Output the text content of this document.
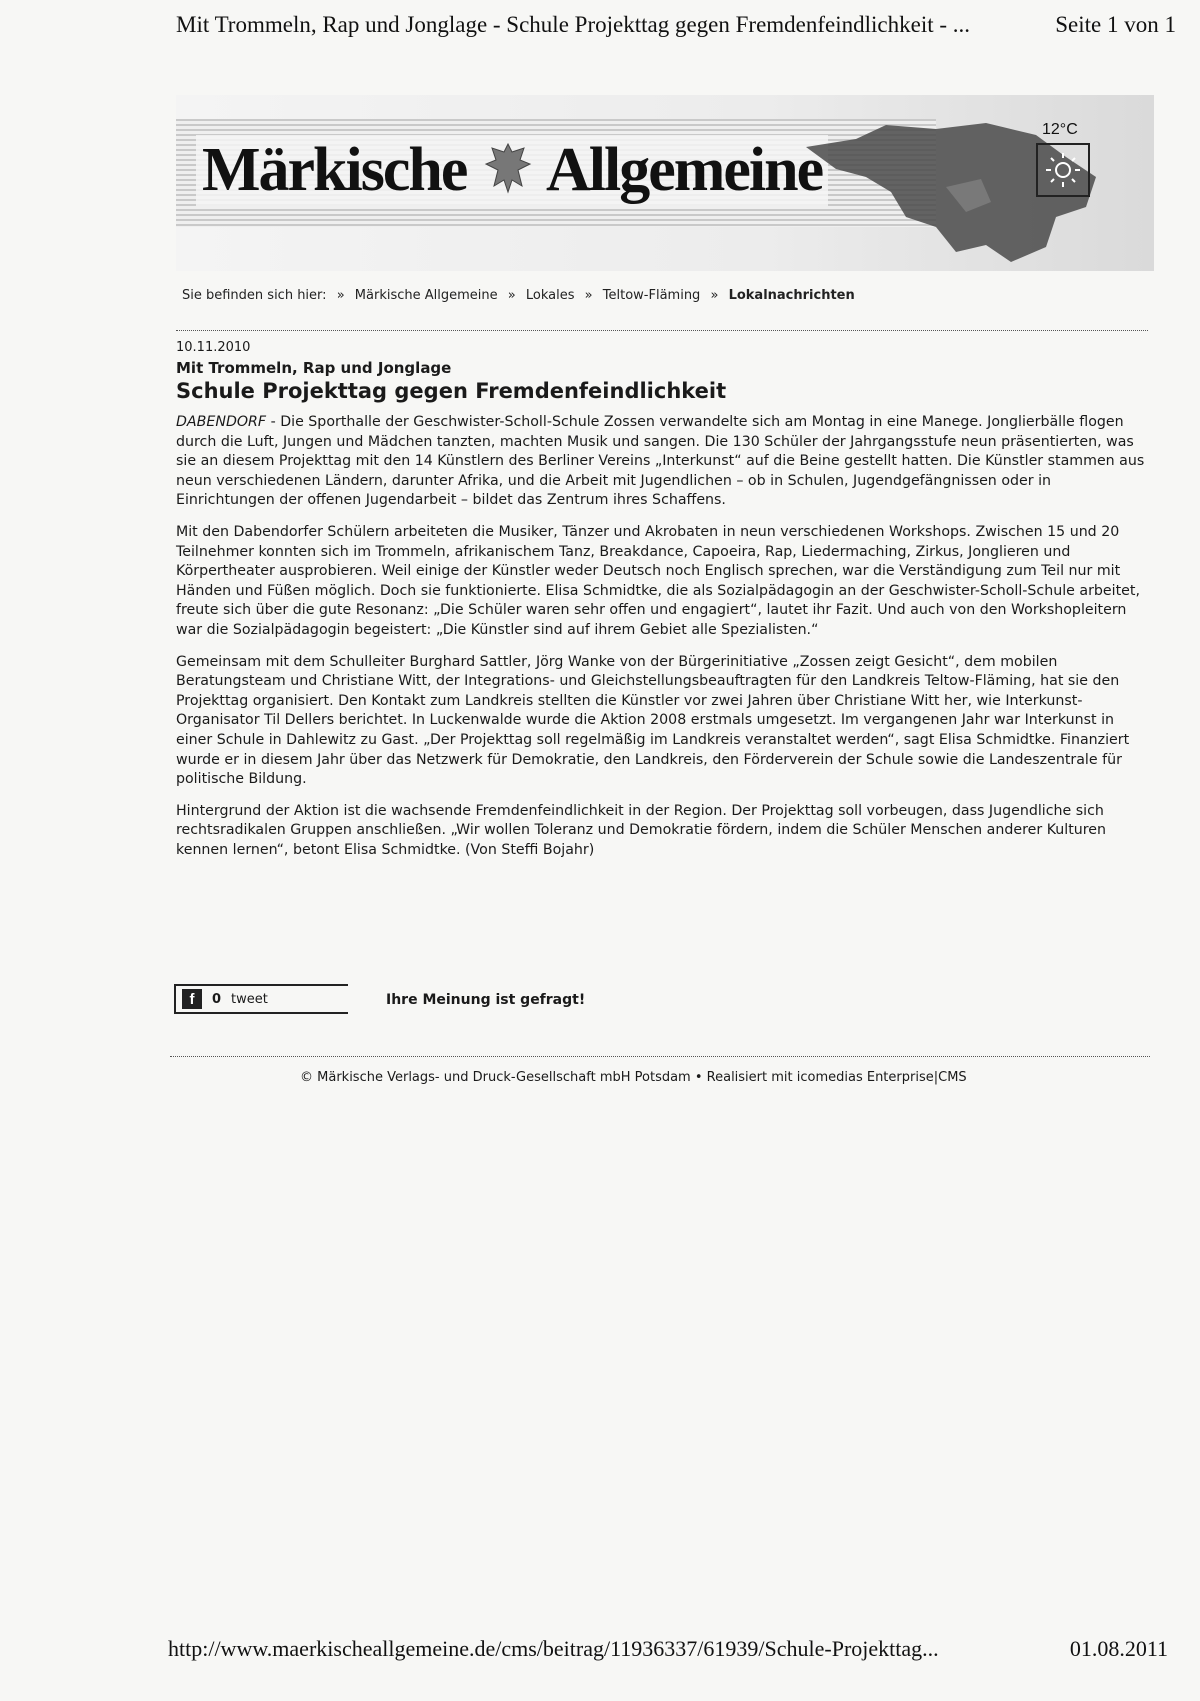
Mit Trommeln, Rap und Jonglage - Schule Projekttag gegen Fremdenfeindlichkeit - ...	Seite 1 von 1
Märkische Allgemeine
12°C
Sie befinden sich hier: » Märkische Allgemeine » Lokales » Teltow-Fläming » Lokalnachrichten
10.11.2010
Mit Trommeln, Rap und Jonglage
Schule Projekttag gegen Fremdenfeindlichkeit

DABENDORF - Die Sporthalle der Geschwister-Scholl-Schule Zossen verwandelte sich am Montag in eine Manege. Jonglierbälle flogen durch die Luft, Jungen und Mädchen tanzten, machten Musik und sangen. Die 130 Schüler der Jahrgangsstufe neun präsentierten, was sie an diesem Projekttag mit den 14 Künstlern des Berliner Vereins „Interkunst“ auf die Beine gestellt hatten. Die Künstler stammen aus neun verschiedenen Ländern, darunter Afrika, und die Arbeit mit Jugendlichen – ob in Schulen, Jugendgefängnissen oder in Einrichtungen der offenen Jugendarbeit – bildet das Zentrum ihres Schaffens.

Mit den Dabendorfer Schülern arbeiteten die Musiker, Tänzer und Akrobaten in neun verschiedenen Workshops. Zwischen 15 und 20 Teilnehmer konnten sich im Trommeln, afrikanischem Tanz, Breakdance, Capoeira, Rap, Liedermaching, Zirkus, Jonglieren und Körpertheater ausprobieren. Weil einige der Künstler weder Deutsch noch Englisch sprechen, war die Verständigung zum Teil nur mit Händen und Füßen möglich. Doch sie funktionierte. Elisa Schmidtke, die als Sozialpädagogin an der Geschwister-Scholl-Schule arbeitet, freute sich über die gute Resonanz: „Die Schüler waren sehr offen und engagiert“, lautet ihr Fazit. Und auch von den Workshopleitern war die Sozialpädagogin begeistert: „Die Künstler sind auf ihrem Gebiet alle Spezialisten.“

Gemeinsam mit dem Schulleiter Burghard Sattler, Jörg Wanke von der Bürgerinitiative „Zossen zeigt Gesicht“, dem mobilen Beratungsteam und Christiane Witt, der Integrations- und Gleichstellungsbeauftragten für den Landkreis Teltow-Fläming, hat sie den Projekttag organisiert. Den Kontakt zum Landkreis stellten die Künstler vor zwei Jahren über Christiane Witt her, wie Interkunst-Organisator Til Dellers berichtet. In Luckenwalde wurde die Aktion 2008 erstmals umgesetzt. Im vergangenen Jahr war Interkunst in einer Schule in Dahlewitz zu Gast. „Der Projekttag soll regelmäßig im Landkreis veranstaltet werden“, sagt Elisa Schmidtke. Finanziert wurde er in diesem Jahr über das Netzwerk für Demokratie, den Landkreis, den Förderverein der Schule sowie die Landeszentrale für politische Bildung.

Hintergrund der Aktion ist die wachsende Fremdenfeindlichkeit in der Region. Der Projekttag soll vorbeugen, dass Jugendliche sich rechtsradikalen Gruppen anschließen. „Wir wollen Toleranz und Demokratie fördern, indem die Schüler Menschen anderer Kulturen kennen lernen“, betont Elisa Schmidtke. (Von Steffi Bojahr)

f	0 tweet	Ihre Meinung ist gefragt!
© Märkische Verlags- und Druck-Gesellschaft mbH Potsdam • Realisiert mit icomedias Enterprise|CMS
http://www.maerkischeallgemeine.de/cms/beitrag/11936337/61939/Schule-Projekttag...	01.08.2011
